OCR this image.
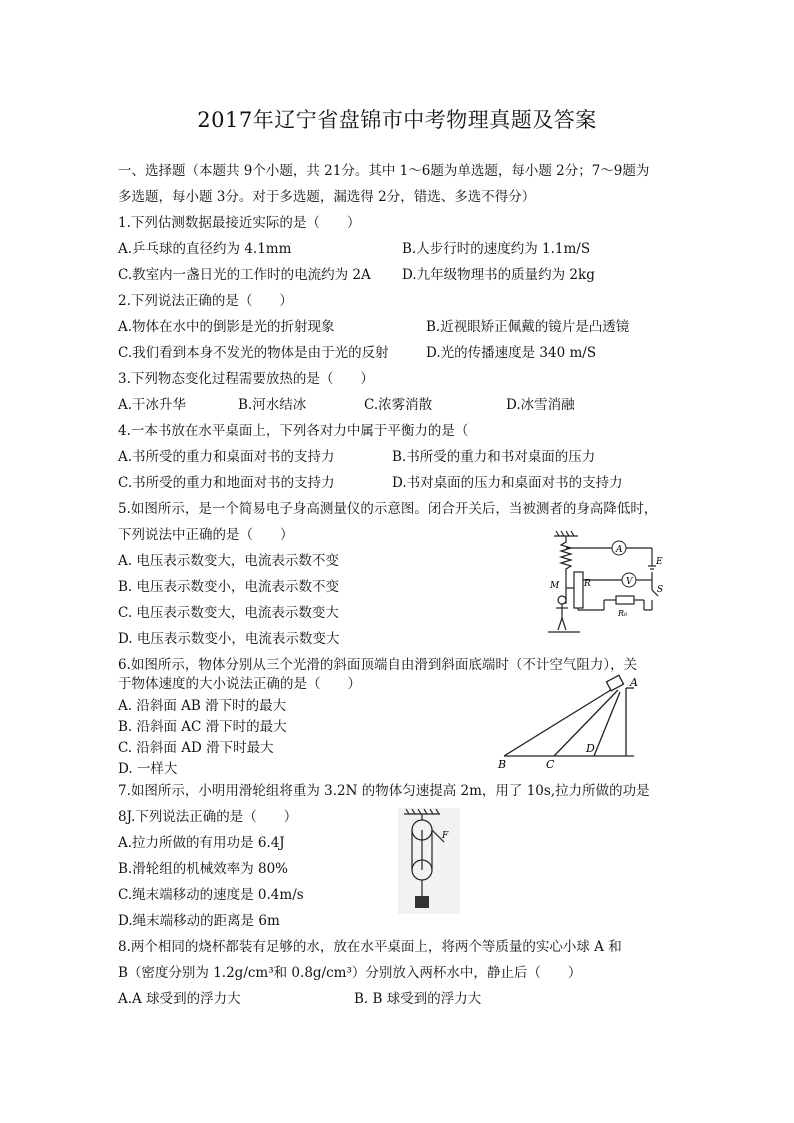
2017年辽宁省盘锦市中考物理真题及答案
一、选择题（本题共 9个小题，共 21分。其中 1～6题为单选题，每小题 2分；7～9题为
多选题，每小题 3分。对于多选题，漏选得 2分，错选、多选不得分）
1.下列估测数据最接近实际的是（　　）
A.乒乓球的直径约为 4.1mm	B.人步行时的速度约为 1.1m/S
C.教室内一盏日光的工作时的电流约为 2A D.九年级物理书的质量约为 2kg
2.下列说法正确的是（　　）
A.物体在水中的倒影是光的折射现象	B.近视眼矫正佩戴的镜片是凸透镜
C.我们看到本身不发光的物体是由于光的反射	D.光的传播速度是 340 m/S
3.下列物态变化过程需要放热的是（　　）
A.干冰升华	B.河水结冰	C.浓雾消散	D.冰雪消融
4.一本书放在水平桌面上，下列各对力中属于平衡力的是（
A.书所受的重力和桌面对书的支持力	B.书所受的重力和书对桌面的压力
C.书所受的重力和地面对书的支持力	D.书对桌面的压力和桌面对书的支持力
5.如图所示，是一个简易电子身高测量仪的示意图。闭合开关后，当被测者的身高降低时，
下列说法中正确的是（　　）
A. 电压表示数变大，电流表示数不变
B. 电压表示数变小，电流表示数不变
C. 电压表示数变大，电流表示数变大
D. 电压表示数变小，电流表示数变大
A
V
E
S
R
M
R₀
6.如图所示，物体分别从三个光滑的斜面顶端自由滑到斜面底端时（不计空气阻力），关
于物体速度的大小说法正确的是（　　）
A. 沿斜面 AB 滑下时的最大
B. 沿斜面 AC 滑下时的最大
C. 沿斜面 AD 滑下时最大
D. 一样大
A
B	C
D
7.如图所示，小明用滑轮组将重为 3.2N 的物体匀速提高 2m，用了 10s,拉力所做的功是
8J.下列说法正确的是（　　）
A.拉力所做的有用功是 6.4J
B.滑轮组的机械效率为 80%
C.绳末端移动的速度是 0.4m/s
D.绳末端移动的距离是 6m
F
8.两个相同的烧杯都装有足够的水，放在水平桌面上，将两个等质量的实心小球 A 和
B（密度分别为 1.2g/cm³和 0.8g/cm³）分别放入两杯水中，静止后（　　）
A.A 球受到的浮力大	B. B 球受到的浮力大
